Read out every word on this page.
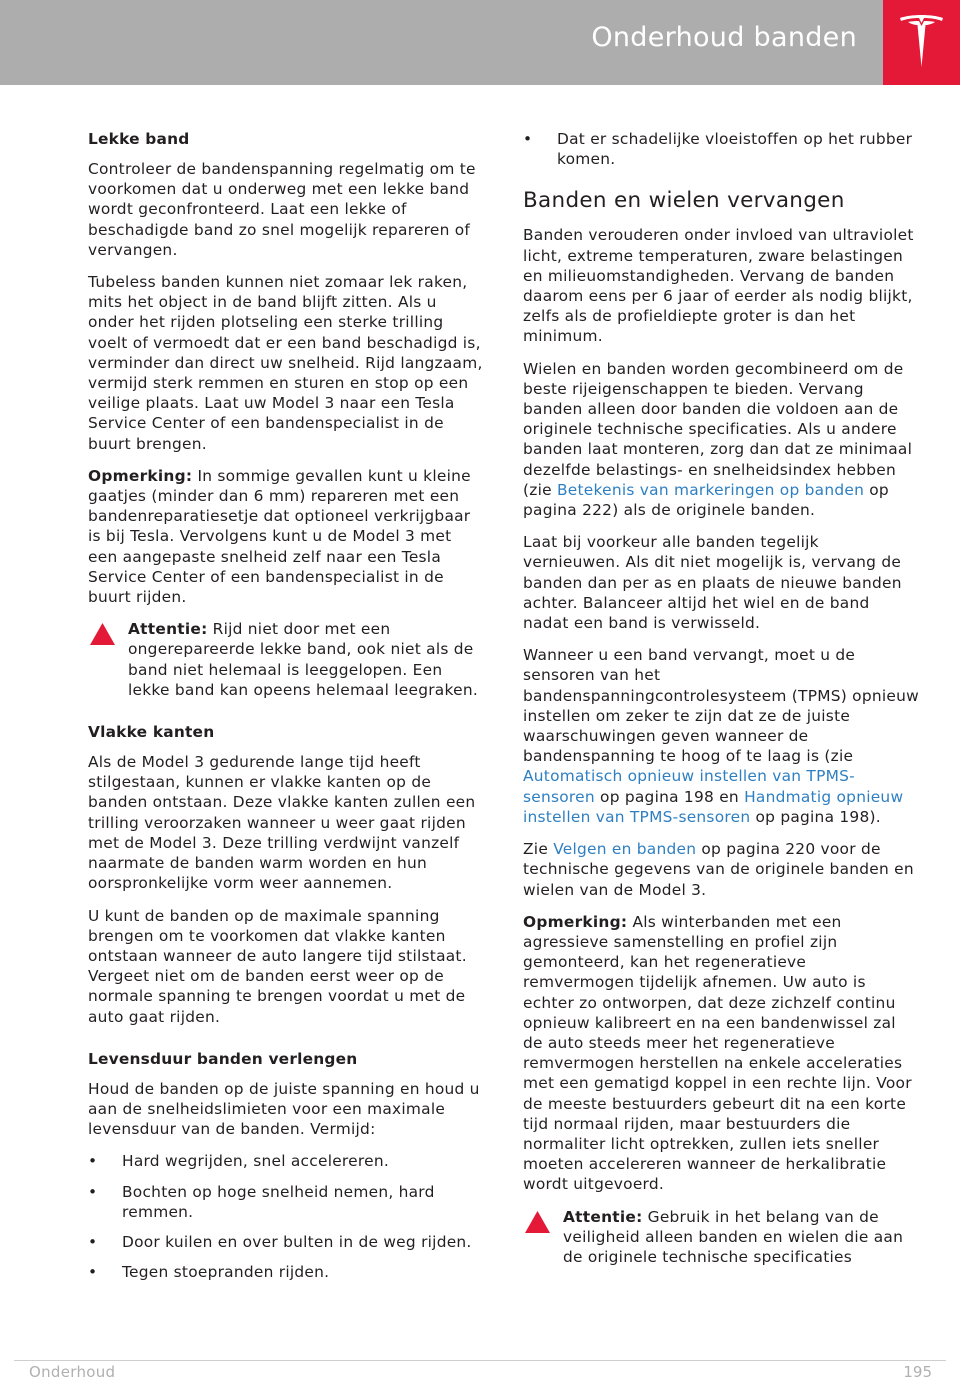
Onderhoud banden
Lekke band

Controleer de bandenspanning regelmatig om te voorkomen dat u onderweg met een lekke band wordt geconfronteerd. Laat een lekke of beschadigde band zo snel mogelijk repareren of vervangen.

Tubeless banden kunnen niet zomaar lek raken, mits het object in de band blijft zitten. Als u onder het rijden plotseling een sterke trilling voelt of vermoedt dat er een band beschadigd is, verminder dan direct uw snelheid. Rijd langzaam, vermijd sterk remmen en sturen en stop op een veilige plaats. Laat uw Model 3 naar een Tesla Service Center of een bandenspecialist in de buurt brengen.

Opmerking: In sommige gevallen kunt u kleine gaatjes (minder dan 6 mm) repareren met een bandenreparatiesetje dat optioneel verkrijgbaar is bij Tesla. Vervolgens kunt u de Model 3 met een aangepaste snelheid zelf naar een Tesla Service Center of een bandenspecialist in de buurt rijden.

Attentie: Rijd niet door met een ongerepareerde lekke band, ook niet als de band niet helemaal is leeggelopen. Een lekke band kan opeens helemaal leegraken.

Vlakke kanten

Als de Model 3 gedurende lange tijd heeft stilgestaan, kunnen er vlakke kanten op de banden ontstaan. Deze vlakke kanten zullen een trilling veroorzaken wanneer u weer gaat rijden met de Model 3. Deze trilling verdwijnt vanzelf naarmate de banden warm worden en hun oorspronkelijke vorm weer aannemen.

U kunt de banden op de maximale spanning brengen om te voorkomen dat vlakke kanten ontstaan wanneer de auto langere tijd stilstaat. Vergeet niet om de banden eerst weer op de normale spanning te brengen voordat u met de auto gaat rijden.

Levensduur banden verlengen

Houd de banden op de juiste spanning en houd u aan de snelheidslimieten voor een maximale levensduur van de banden. Vermijd:

• Hard wegrijden, snel accelereren.
• Bochten op hoge snelheid nemen, hard remmen.
• Door kuilen en over bulten in de weg rijden.
• Tegen stoepranden rijden.
• Dat er schadelijke vloeistoffen op het rubber komen.
Banden en wielen vervangen

Banden verouderen onder invloed van ultraviolet licht, extreme temperaturen, zware belastingen en milieuomstandigheden. Vervang de banden daarom eens per 6 jaar of eerder als nodig blijkt, zelfs als de profieldiepte groter is dan het minimum.

Wielen en banden worden gecombineerd om de beste rijeigenschappen te bieden. Vervang banden alleen door banden die voldoen aan de originele technische specificaties. Als u andere banden laat monteren, zorg dan dat ze minimaal dezelfde belastings- en snelheidsindex hebben (zie Betekenis van markeringen op banden op pagina 222) als de originele banden.

Laat bij voorkeur alle banden tegelijk vernieuwen. Als dit niet mogelijk is, vervang de banden dan per as en plaats de nieuwe banden achter. Balanceer altijd het wiel en de band nadat een band is verwisseld.

Wanneer u een band vervangt, moet u de sensoren van het bandenspanningcontrolesysteem (TPMS) opnieuw instellen om zeker te zijn dat ze de juiste waarschuwingen geven wanneer de bandenspanning te hoog of te laag is (zie Automatisch opnieuw instellen van TPMS-sensoren op pagina 198 en Handmatig opnieuw instellen van TPMS-sensoren op pagina 198).

Zie Velgen en banden op pagina 220 voor de technische gegevens van de originele banden en wielen van de Model 3.

Opmerking: Als winterbanden met een agressieve samenstelling en profiel zijn gemonteerd, kan het regeneratieve remvermogen tijdelijk afnemen. Uw auto is echter zo ontworpen, dat deze zichzelf continu opnieuw kalibreert en na een bandenwissel zal de auto steeds meer het regeneratieve remvermogen herstellen na enkele acceleraties met een gematigd koppel in een rechte lijn. Voor de meeste bestuurders gebeurt dit na een korte tijd normaal rijden, maar bestuurders die normaliter licht optrekken, zullen iets sneller moeten accelereren wanneer de herkalibratie wordt uitgevoerd.

Attentie: Gebruik in het belang van de veiligheid alleen banden en wielen die aan de originele technische specificaties

Onderhoud	195
